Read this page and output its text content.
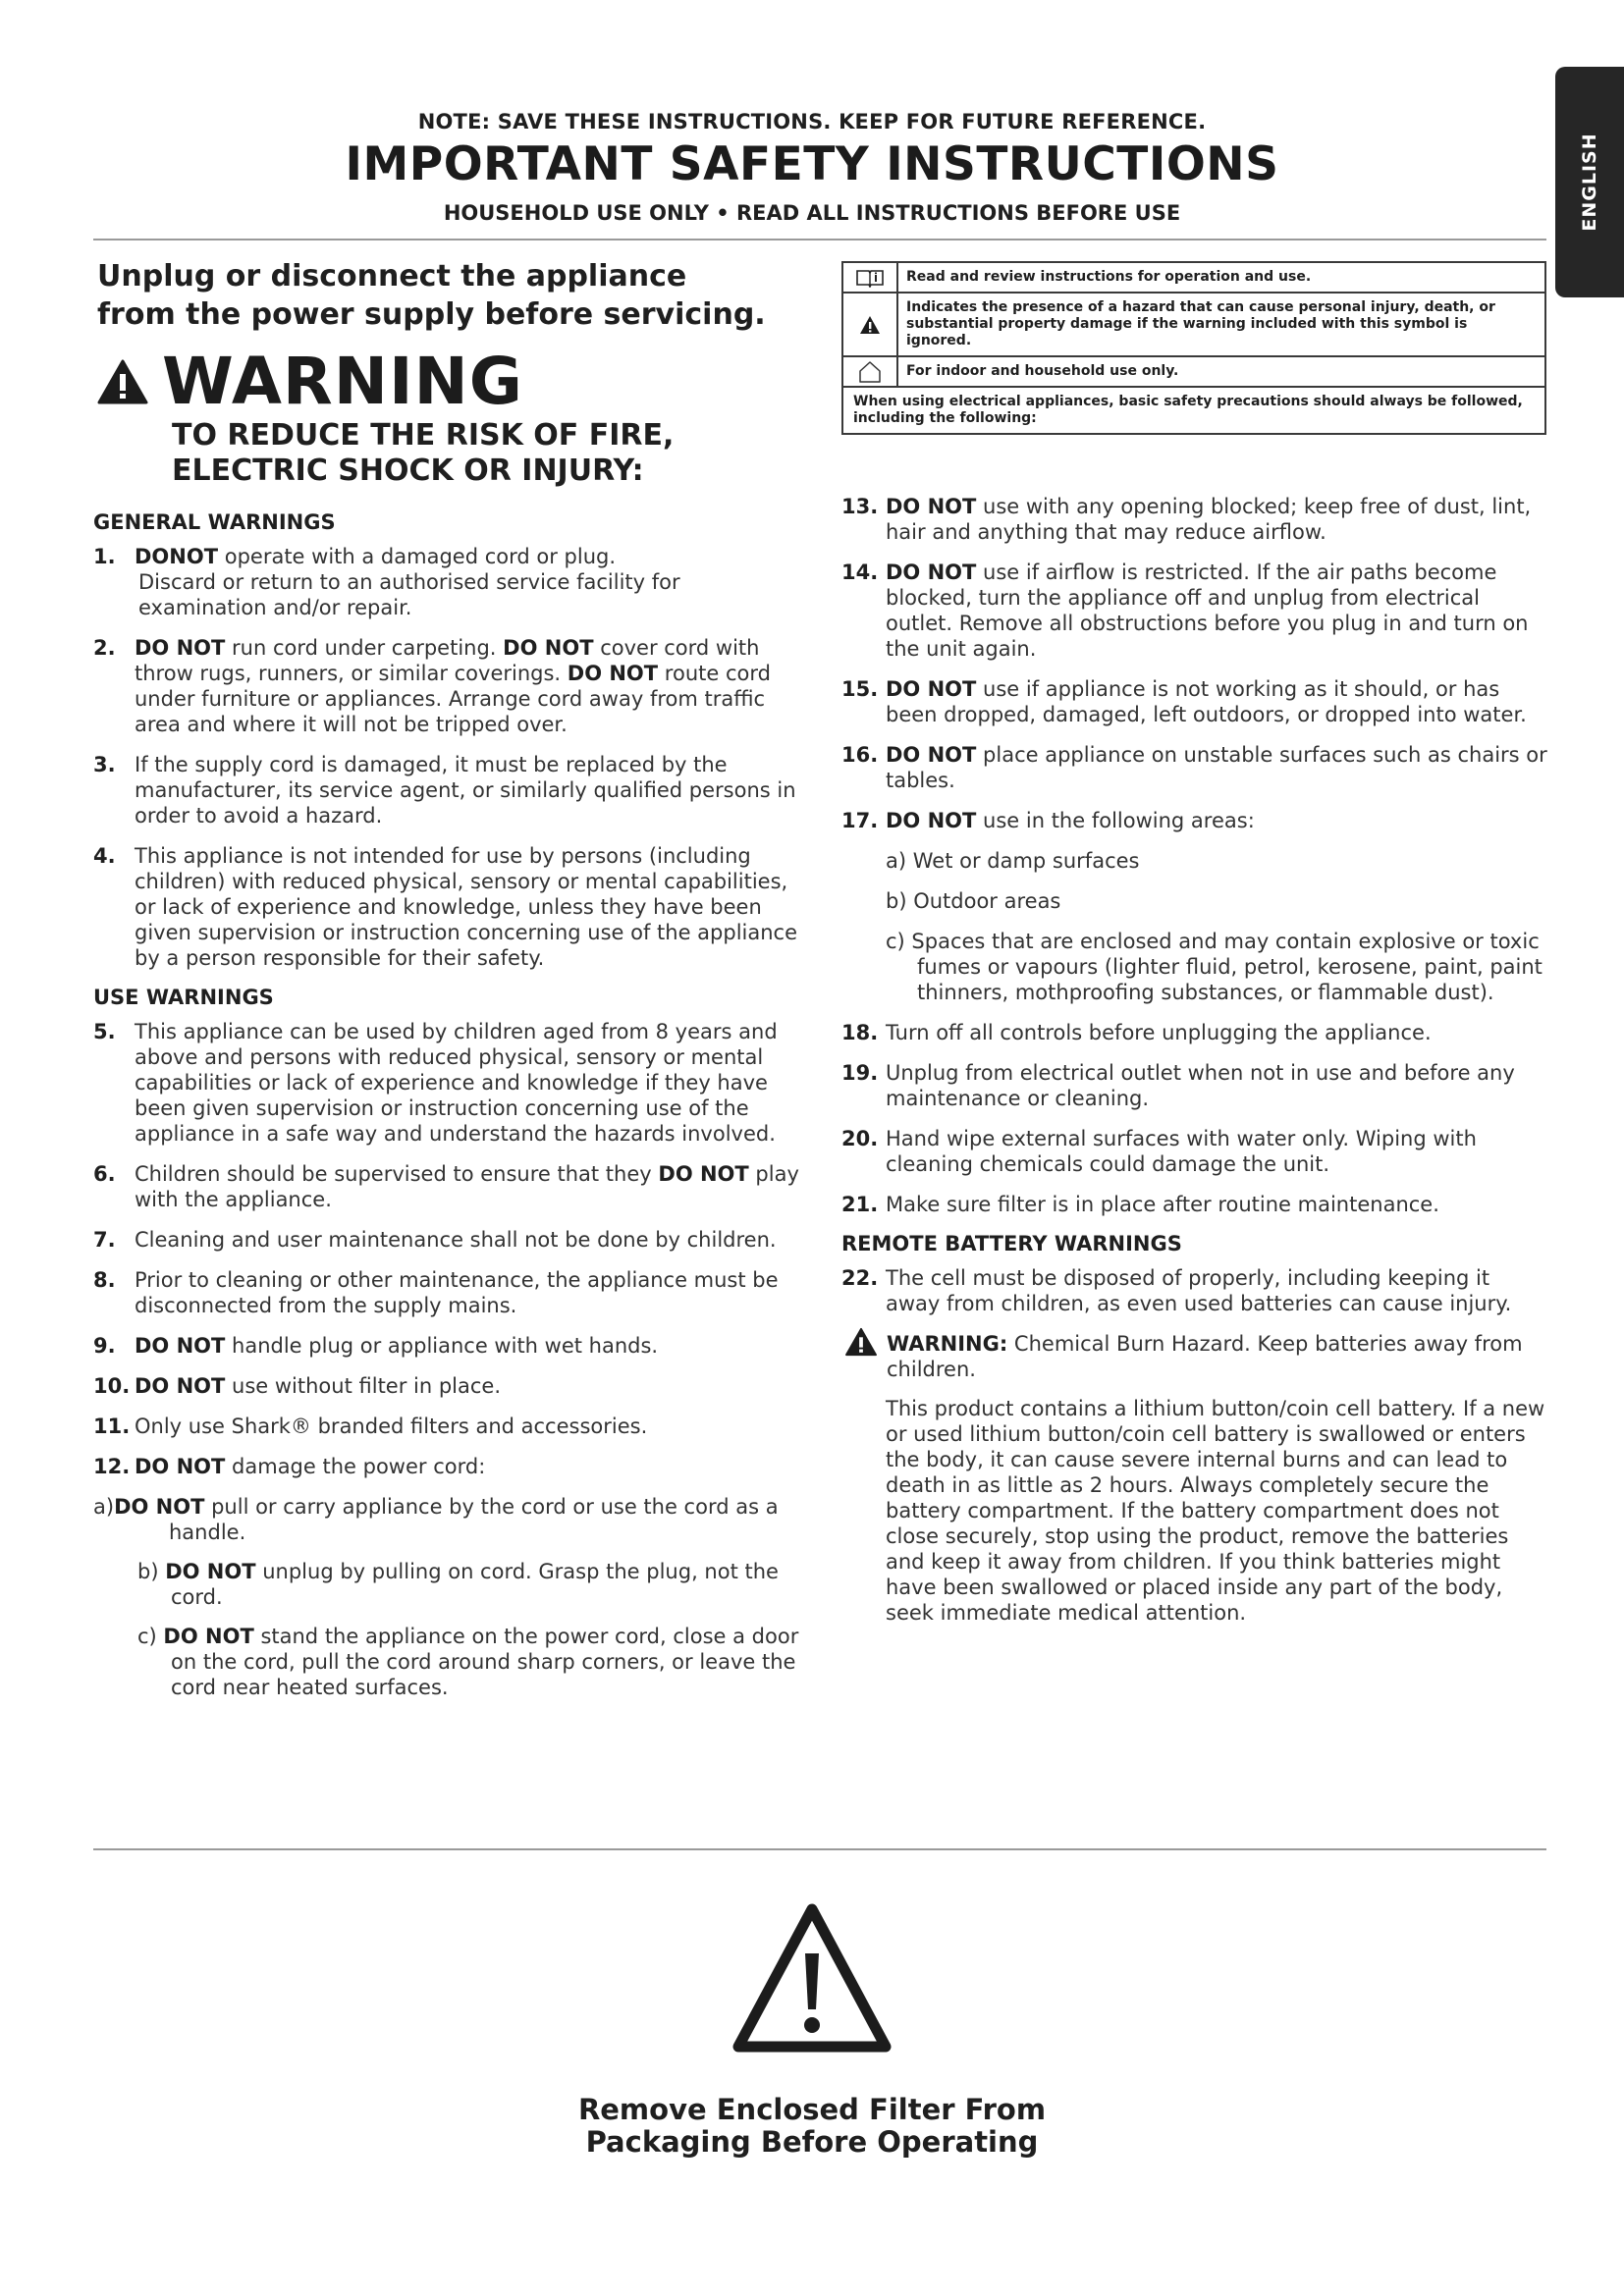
ENGLISH
NOTE: SAVE THESE INSTRUCTIONS. KEEP FOR FUTURE REFERENCE.
IMPORTANT SAFETY INSTRUCTIONS
HOUSEHOLD USE ONLY • READ ALL INSTRUCTIONS BEFORE USE
Unplug or disconnect the appliance
from the power supply before servicing.
WARNING
TO REDUCE THE RISK OF FIRE,
ELECTRIC SHOCK OR INJURY:
GENERAL WARNINGS
1. DONOT operate with a damaged cord or plug.

Discard or return to an authorised service facility for examination and/or repair.
2. DO NOT run cord under carpeting. DO NOT cover cord with throw rugs, runners, or similar coverings. DO NOT route cord under furniture or appliances. Arrange cord away from traffic area and where it will not be tripped over.
3. If the supply cord is damaged, it must be replaced by the manufacturer, its service agent, or similarly qualified persons in order to avoid a hazard.
4. This appliance is not intended for use by persons (including children) with reduced physical, sensory or mental capabilities, or lack of experience and knowledge, unless they have been given supervision or instruction concerning use of the appliance by a person responsible for their safety.
USE WARNINGS
5. This appliance can be used by children aged from 8 years and above and persons with reduced physical, sensory or mental capabilities or lack of experience and knowledge if they have been given supervision or instruction concerning use of the appliance in a safe way and understand the hazards involved.
6. Children should be supervised to ensure that they DO NOT play with the appliance.
7. Cleaning and user maintenance shall not be done by children.
8. Prior to cleaning or other maintenance, the appliance must be disconnected from the supply mains.
9. DO NOT handle plug or appliance with wet hands.
10. DO NOT use without filter in place.
11. Only use Shark® branded filters and accessories.
12. DO NOT damage the power cord:
a)DO NOT pull or carry appliance by the cord or use the cord as a handle.
b) DO NOT unplug by pulling on cord. Grasp the plug, not the cord.
c) DO NOT stand the appliance on the power cord, close a door on the cord, pull the cord around sharp corners, or leave the cord near heated surfaces.
Read and review instructions for operation and use.
Indicates the presence of a hazard that can cause personal injury, death, or substantial property damage if the warning included with this symbol is ignored.
For indoor and household use only.
When using electrical appliances, basic safety precautions should always be followed, including the following:
13. DO NOT use with any opening blocked; keep free of dust, lint, hair and anything that may reduce airflow.
14. DO NOT use if airflow is restricted. If the air paths become blocked, turn the appliance off and unplug from electrical outlet. Remove all obstructions before you plug in and turn on the unit again.
15. DO NOT use if appliance is not working as it should, or has been dropped, damaged, left outdoors, or dropped into water.
16. DO NOT place appliance on unstable surfaces such as chairs or tables.
17. DO NOT use in the following areas:
a) Wet or damp surfaces
b) Outdoor areas
c) Spaces that are enclosed and may contain explosive or toxic fumes or vapours (lighter fluid, petrol, kerosene, paint, paint thinners, mothproofing substances, or flammable dust).
18. Turn off all controls before unplugging the appliance.
19. Unplug from electrical outlet when not in use and before any maintenance or cleaning.
20. Hand wipe external surfaces with water only. Wiping with cleaning chemicals could damage the unit.
21. Make sure filter is in place after routine maintenance.
REMOTE BATTERY WARNINGS
22. The cell must be disposed of properly, including keeping it away from children, as even used batteries can cause injury.
WARNING: Chemical Burn Hazard. Keep batteries away from children.
This product contains a lithium button/coin cell battery. If a new or used lithium button/coin cell battery is swallowed or enters the body, it can cause severe internal burns and can lead to death in as little as 2 hours. Always completely secure the battery compartment. If the battery compartment does not close securely, stop using the product, remove the batteries and keep it away from children. If you think batteries might have been swallowed or placed inside any part of the body, seek immediate medical attention.
Remove Enclosed Filter From
Packaging Before Operating
